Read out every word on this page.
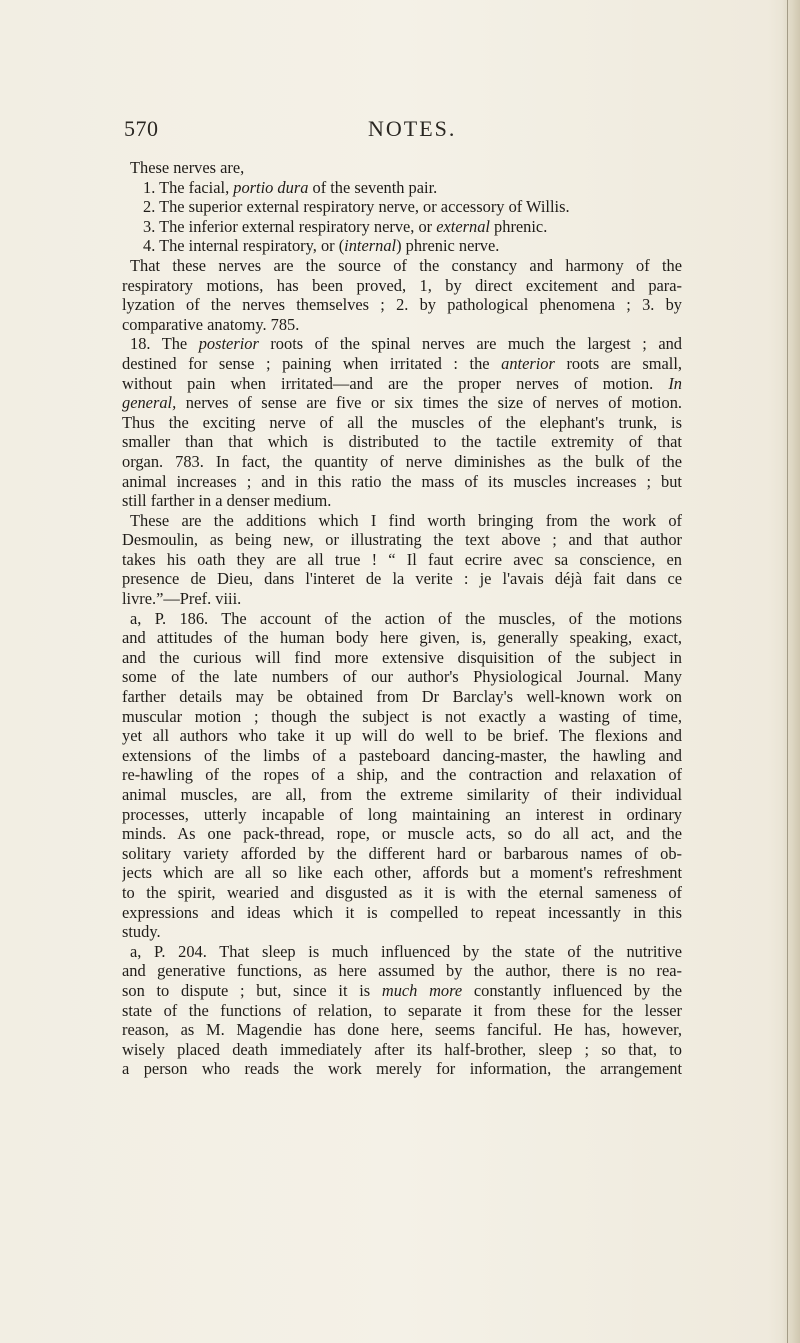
570	NOTES.
These nerves are,
1. The facial, portio dura of the seventh pair.
2. The superior external respiratory nerve, or accessory of Willis.
3. The inferior external respiratory nerve, or external phrenic.
4. The internal respiratory, or (internal) phrenic nerve.
That these nerves are the source of the constancy and harmony of the
respiratory motions, has been proved, 1, by direct excitement and para-
lyzation of the nerves themselves ; 2. by pathological phenomena ; 3. by
comparative anatomy. 785.
18. The posterior roots of the spinal nerves are much the largest ; and
destined for sense ; paining when irritated : the anterior roots are small,
without pain when irritated—and are the proper nerves of motion. In
general, nerves of sense are five or six times the size of nerves of motion.
Thus the exciting nerve of all the muscles of the elephant's trunk, is
smaller than that which is distributed to the tactile extremity of that
organ. 783. In fact, the quantity of nerve diminishes as the bulk of the
animal increases ; and in this ratio the mass of its muscles increases ; but
still farther in a denser medium.
These are the additions which I find worth bringing from the work of
Desmoulin, as being new, or illustrating the text above ; and that author
takes his oath they are all true ! “ Il faut ecrire avec sa conscience, en
presence de Dieu, dans l'interet de la verite : je l'avais déjà fait dans ce
livre.”—Pref. viii.
a, P. 186. The account of the action of the muscles, of the motions
and attitudes of the human body here given, is, generally speaking, exact,
and the curious will find more extensive disquisition of the subject in
some of the late numbers of our author's Physiological Journal. Many
farther details may be obtained from Dr Barclay's well-known work on
muscular motion ; though the subject is not exactly a wasting of time,
yet all authors who take it up will do well to be brief. The flexions and
extensions of the limbs of a pasteboard dancing-master, the hawling and
re-hawling of the ropes of a ship, and the contraction and relaxation of
animal muscles, are all, from the extreme similarity of their individual
processes, utterly incapable of long maintaining an interest in ordinary
minds. As one pack-thread, rope, or muscle acts, so do all act, and the
solitary variety afforded by the different hard or barbarous names of ob-
jects which are all so like each other, affords but a moment's refreshment
to the spirit, wearied and disgusted as it is with the eternal sameness of
expressions and ideas which it is compelled to repeat incessantly in this
study.
a, P. 204. That sleep is much influenced by the state of the nutritive
and generative functions, as here assumed by the author, there is no rea-
son to dispute ; but, since it is much more constantly influenced by the
state of the functions of relation, to separate it from these for the lesser
reason, as M. Magendie has done here, seems fanciful. He has, however,
wisely placed death immediately after its half-brother, sleep ; so that, to
a person who reads the work merely for information, the arrangement
